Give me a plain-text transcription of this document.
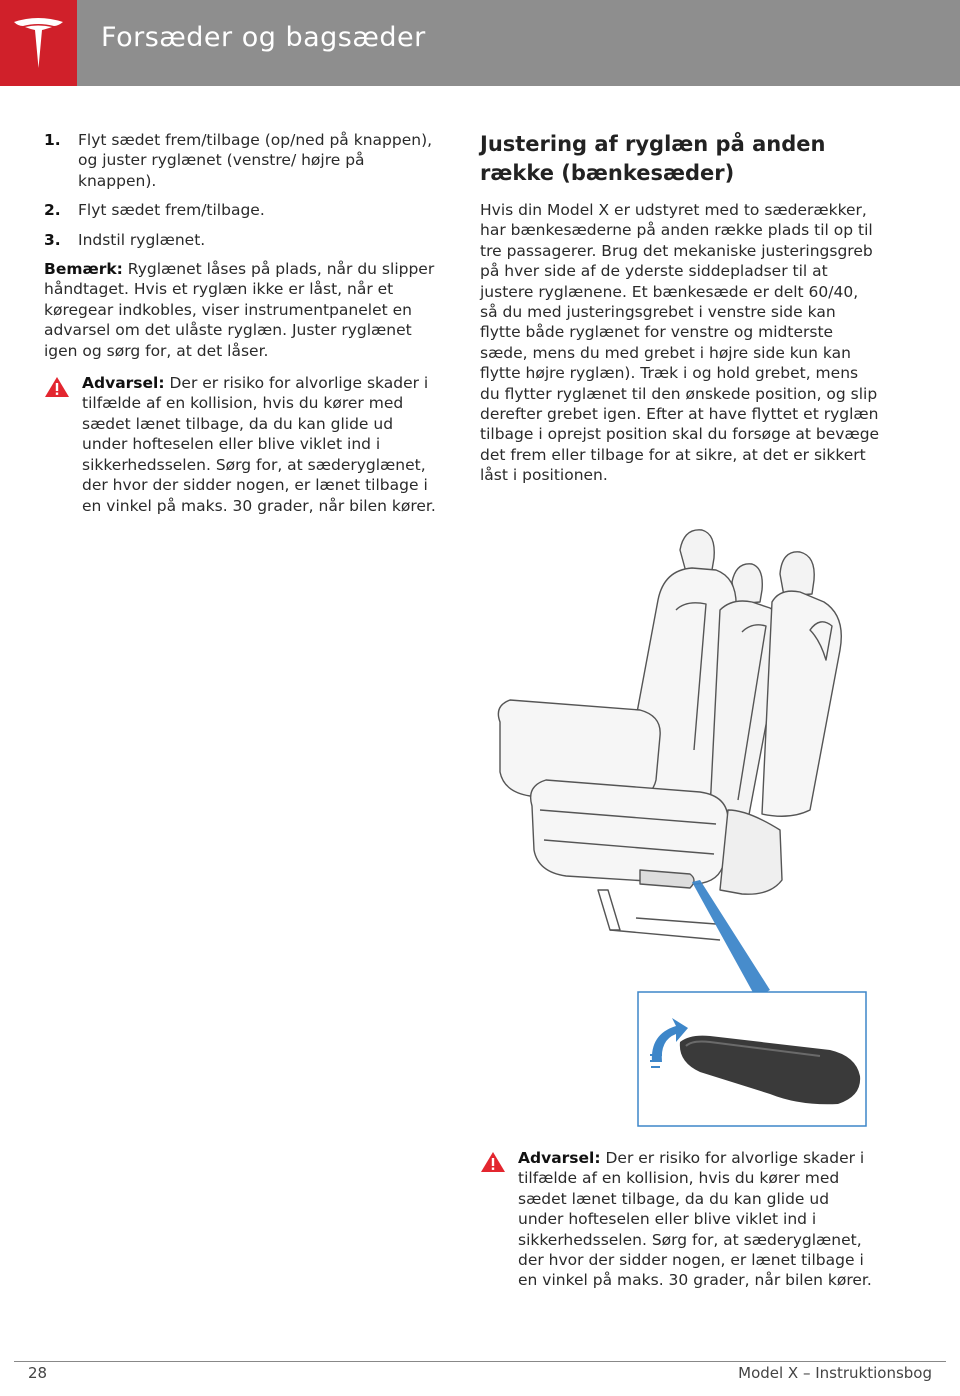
Forsæder og bagsæder
1. Flyt sædet frem/tilbage (op/ned på knappen), og juster ryglænet (venstre/ højre på knappen).
2. Flyt sædet frem/tilbage.
3. Indstil ryglænet.

Bemærk: Ryglænet låses på plads, når du slipper håndtaget. Hvis et ryglæn ikke er låst, når et køregear indkobles, viser instrumentpanelet en advarsel om det ulåste ryglæn. Juster ryglænet igen og sørg for, at det låser.

Advarsel: Der er risiko for alvorlige skader i tilfælde af en kollision, hvis du kører med sædet lænet tilbage, da du kan glide ud under hofteselen eller blive viklet ind i sikkerhedsselen. Sørg for, at sæderyglænet, der hvor der sidder nogen, er lænet tilbage i en vinkel på maks. 30 grader, når bilen kører.
Justering af ryglæn på anden række (bænkesæder)

Hvis din Model X er udstyret med to sæderækker, har bænkesæderne på anden række plads til op til tre passagerer. Brug det mekaniske justeringsgreb på hver side af de yderste siddepladser til at justere ryglænene. Et bænkesæde er delt 60/40, så du med justeringsgrebet i venstre side kan flytte både ryglænet for venstre og midterste sæde, mens du med grebet i højre side kun kan flytte højre ryglæn). Træk i og hold grebet, mens du flytter ryglænet til den ønskede position, og slip derefter grebet igen. Efter at have flyttet et ryglæn tilbage i oprejst position skal du forsøge at bevæge det frem eller tilbage for at sikre, at det er sikkert låst i positionen.

Advarsel: Der er risiko for alvorlige skader i tilfælde af en kollision, hvis du kører med sædet lænet tilbage, da du kan glide ud under hofteselen eller blive viklet ind i sikkerhedsselen. Sørg for, at sæderyglænet, der hvor der sidder nogen, er lænet tilbage i en vinkel på maks. 30 grader, når bilen kører.
28	Model X – Instruktionsbog
